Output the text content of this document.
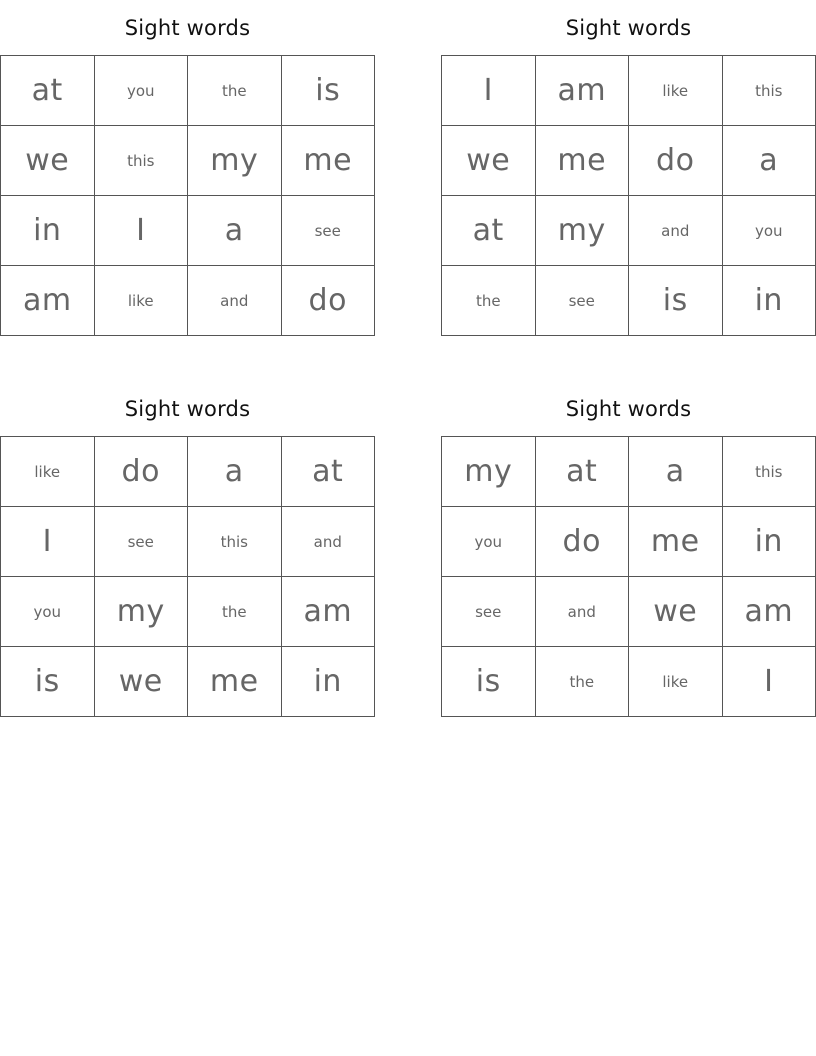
Sight words
at	you	the	is
we	this	my	me
in	I	a	see
am	like	and	do
Sight words
I	am	like	this
we	me	do	a
at	my	and	you
the	see	is	in
Sight words
like	do	a	at
I	see	this	and
you	my	the	am
is	we	me	in
Sight words
my	at	a	this
you	do	me	in
see	and	we	am
is	the	like	I
